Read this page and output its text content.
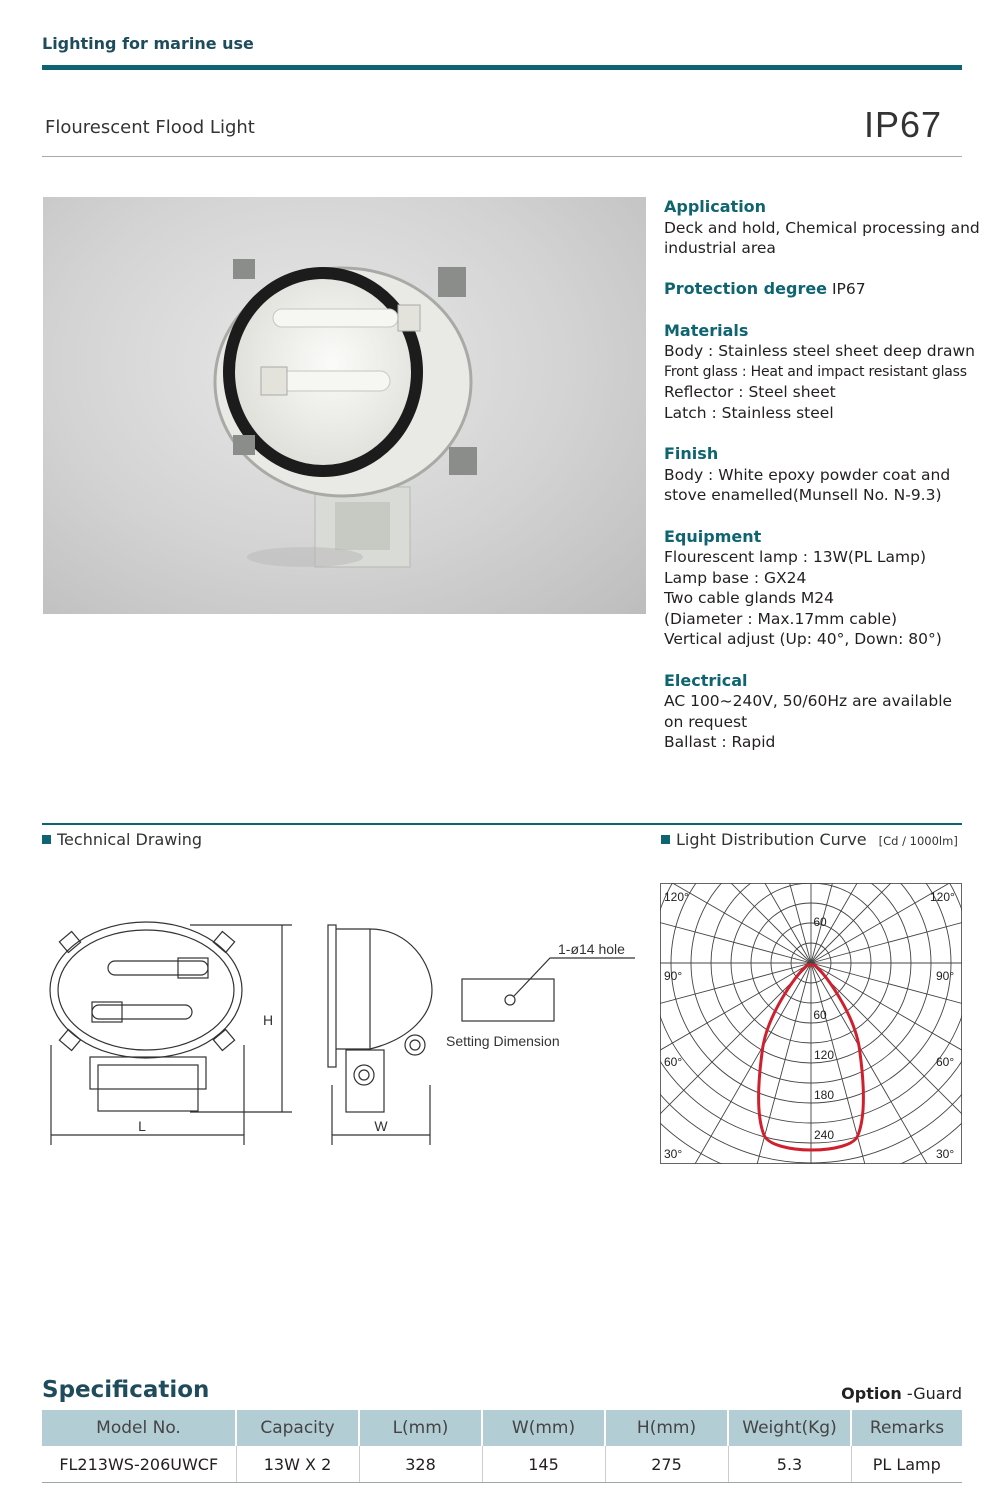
Lighting for marine use
Flourescent Flood Light	IP67
Application
Deck and hold, Chemical processing and industrial area
Protection degree IP67
Materials
Body : Stainless steel sheet deep drawn
Front glass : Heat and impact resistant glass
Reflector : Steel sheet
Latch : Stainless steel
Finish
Body : White epoxy powder coat and
stove enamelled(Munsell No. N-9.3)
Equipment
Flourescent lamp : 13W(PL Lamp)
Lamp base : GX24
Two cable glands M24
(Diameter : Max.17mm cable)
Vertical adjust (Up: 40°, Down: 80°)
Electrical
AC 100~240V, 50/60Hz are available
on request
Ballast : Rapid
Technical Drawing	Light Distribution Curve [Cd / 1000lm]
L
H
W
1-ø14 hole
Setting Dimension
120°	120°
90°	90°
60°	60°
30°	30°
60
60
120
180
240
Specification	Option -Guard
Model No.	Capacity	L(mm)	W(mm)	H(mm)	Weight(Kg)	Remarks
FL213WS-206UWCF	13W X 2	328	145	275	5.3	PL Lamp
